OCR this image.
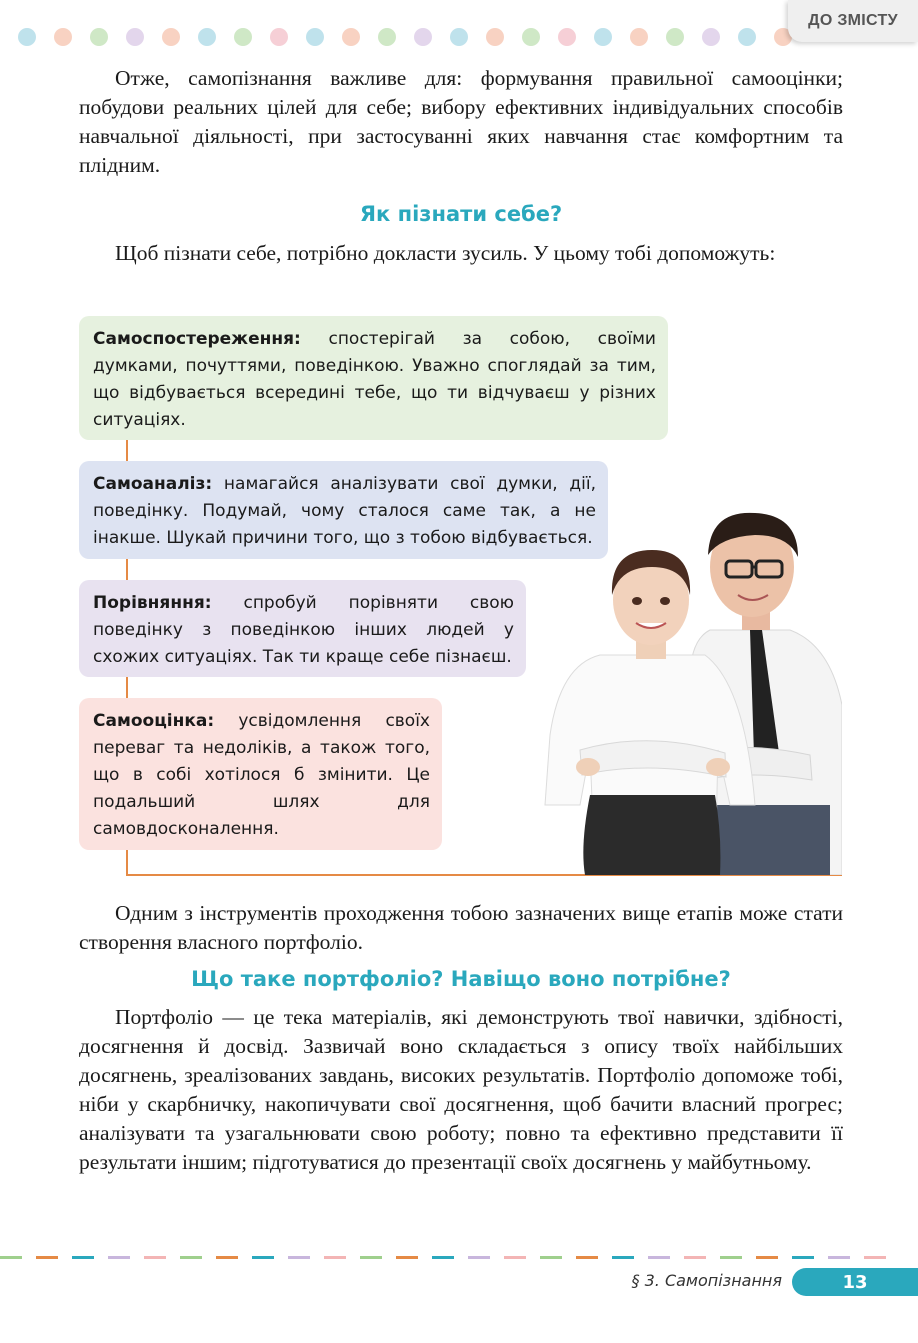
ДО ЗМІСТУ

Отже, самопізнання важливе для: формування правильної самооцінки; побудови реальних цілей для себе; вибору ефективних індивідуальних способів навчальної діяльності, при застосуванні яких навчання стає комфортним та плідним.

Як пізнати себе?

Щоб пізнати себе, потрібно докласти зусиль. У цьому тобі допоможуть:

Самоспостереження: спостерігай за собою, своїми думками, почуттями, поведінкою. Уважно споглядай за тим, що відбувається всередині тебе, що ти відчуваєш у різних ситуаціях.
Самоаналіз: намагайся аналізувати свої думки, дії, поведінку. Подумай, чому сталося саме так, а не інакше. Шукай причини того, що з тобою відбувається.
Порівняння: спробуй порівняти свою поведінку з поведінкою інших людей у схожих ситуаціях. Так ти краще себе пізнаєш.
Самооцінка: усвідомлення своїх переваг та недоліків, а також того, що в собі хотілося б змінити. Це подальший шлях для самовдосконалення.

Одним з інструментів проходження тобою зазначених вище етапів може стати створення власного портфоліо.

Що таке портфоліо? Навіщо воно потрібне?

Портфоліо — це тека матеріалів, які демонструють твої навички, здібності, досягнення й досвід. Зазвичай воно складається з опису твоїх найбільших досягнень, зреалізованих завдань, високих результатів. Портфоліо допоможе тобі, ніби у скарбничку, накопичувати свої досягнення, щоб бачити власний прогрес; аналізувати та узагальнювати свою роботу; повно та ефективно представити її результати іншим; підготуватися до презентації своїх досягнень у майбутньому.

§ 3. Самопізнання	13
